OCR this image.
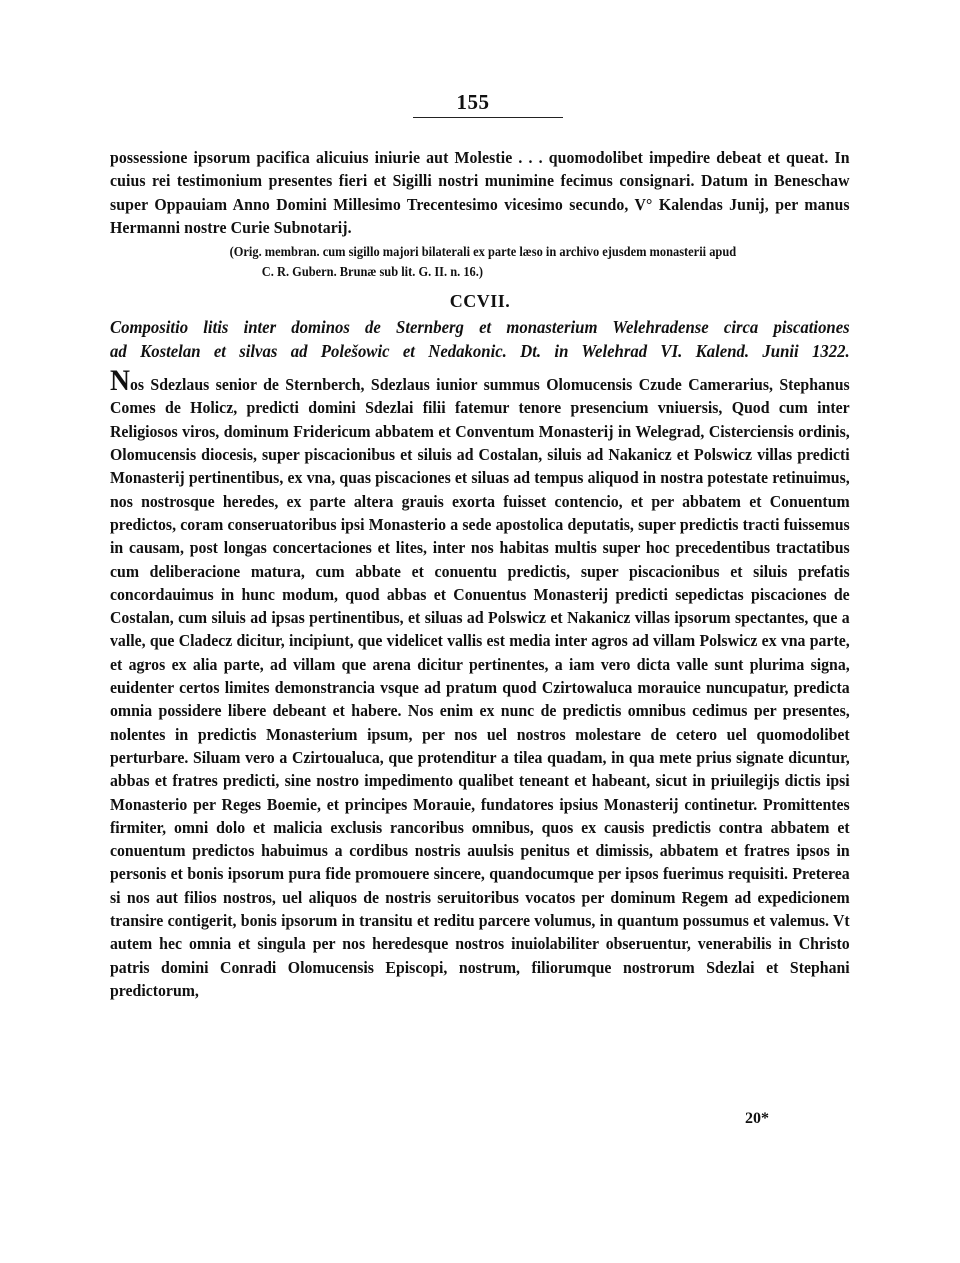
155
possessione ipsorum pacifica alicuius iniurie aut Molestie . . . quomodolibet impedire debeat et queat. In cuius rei testimonium presentes fieri et Sigilli nostri munimine fecimus consignari. Datum in Beneschaw super Oppauiam Anno Domini Millesimo Trecentesimo vicesimo secundo, V° Kalendas Junij, per manus Hermanni nostre Curie Subnotarij.
(Orig. membran. cum sigillo majori bilaterali ex parte læso in archivo ejusdem monasterii apud
C. R. Gubern. Brunæ sub lit. G. II. n. 16.)
CCVII.
Compositio litis inter dominos de Sternberg et monasterium Welehradense circa piscationes
ad Kostelan et silvas ad Polešowic et Nedakonic. Dt. in Welehrad VI. Kalend. Junii 1322.
Nos Sdezlaus senior de Sternberch, Sdezlaus iunior summus Olomucensis Czude Camerarius, Stephanus Comes de Holicz, predicti domini Sdezlai filii fatemur tenore presencium vniuersis, Quod cum inter Religiosos viros, dominum Fridericum abbatem et Conventum Monasterij in Welegrad, Cisterciensis ordinis, Olomucensis diocesis, super piscacionibus et siluis ad Costalan, siluis ad Nakanicz et Polswicz villas predicti Monasterij pertinentibus, ex vna, quas piscaciones et siluas ad tempus aliquod in nostra potestate retinuimus, nos nostrosque heredes, ex parte altera grauis exorta fuisset contencio, et per abbatem et Conuentum predictos, coram conseruatoribus ipsi Monasterio a sede apostolica deputatis, super predictis tracti fuissemus in causam, post longas concertaciones et lites, inter nos habitas multis super hoc precedentibus tractatibus cum deliberacione matura, cum abbate et conuentu predictis, super piscacionibus et siluis prefatis concordauimus in hunc modum, quod abbas et Conuentus Monasterij predicti sepedictas piscaciones de Costalan, cum siluis ad ipsas pertinentibus, et siluas ad Polswicz et Nakanicz villas ipsorum spectantes, que a valle, que Cladecz dicitur, incipiunt, que videlicet vallis est media inter agros ad villam Polswicz ex vna parte, et agros ex alia parte, ad villam que arena dicitur pertinentes, a iam vero dicta valle sunt plurima signa, euidenter certos limites demonstrancia vsque ad pratum quod Czirtowaluca morauice nuncupatur, predicta omnia possidere libere debeant et habere. Nos enim ex nunc de predictis omnibus cedimus per presentes, nolentes in predictis Monasterium ipsum, per nos uel nostros molestare de cetero uel quomodolibet perturbare. Siluam vero a Czirtoualuca, que protenditur a tilea quadam, in qua mete prius signate dicuntur, abbas et fratres predicti, sine nostro impedimento qualibet teneant et habeant, sicut in priuilegijs dictis ipsi Monasterio per Reges Boemie, et principes Morauie, fundatores ipsius Monasterij continetur. Promittentes firmiter, omni dolo et malicia exclusis rancoribus omnibus, quos ex causis predictis contra abbatem et conuentum predictos habuimus a cordibus nostris auulsis penitus et dimissis, abbatem et fratres ipsos in personis et bonis ipsorum pura fide promouere sincere, quandocumque per ipsos fuerimus requisiti. Preterea si nos aut filios nostros, uel aliquos de nostris seruitoribus vocatos per dominum Regem ad expedicionem transire contigerit, bonis ipsorum in transitu et reditu parcere volumus, in quantum possumus et valemus. Vt autem hec omnia et singula per nos heredesque nostros inuiolabiliter obseruentur, venerabilis in Christo patris domini Conradi Olomucensis Episcopi, nostrum, filiorumque nostrorum Sdezlai et Stephani predictorum,
20*
